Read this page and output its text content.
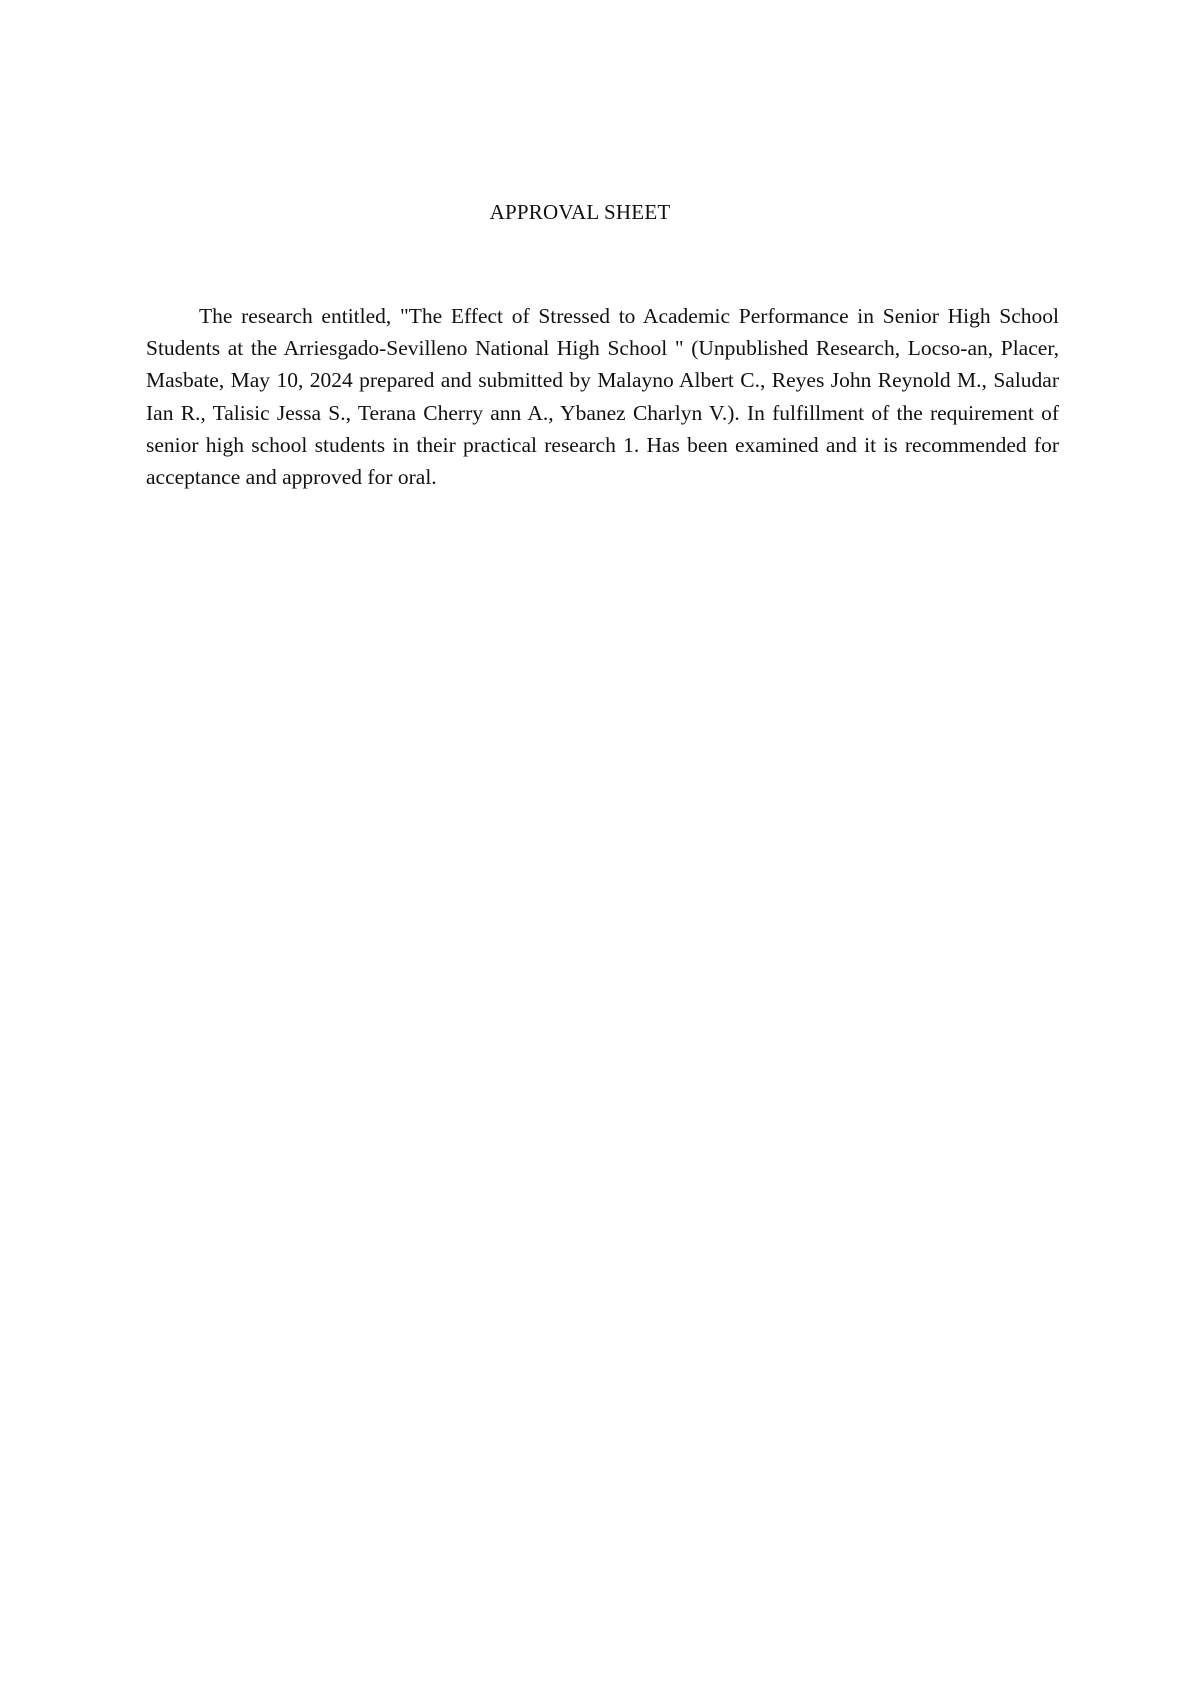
APPROVAL SHEET

The research entitled, "The Effect of Stressed to Academic Performance in Senior High School Students at the Arriesgado-Sevilleno National High School " (Unpublished Research, Locso-an, Placer, Masbate, May 10, 2024 prepared and submitted by Malayno Albert C., Reyes John Reynold M., Saludar Ian R., Talisic Jessa S., Terana Cherry ann A., Ybanez Charlyn V.). In fulfillment of the requirement of senior high school students in their practical research 1. Has been examined and it is recommended for acceptance and approved for oral.
